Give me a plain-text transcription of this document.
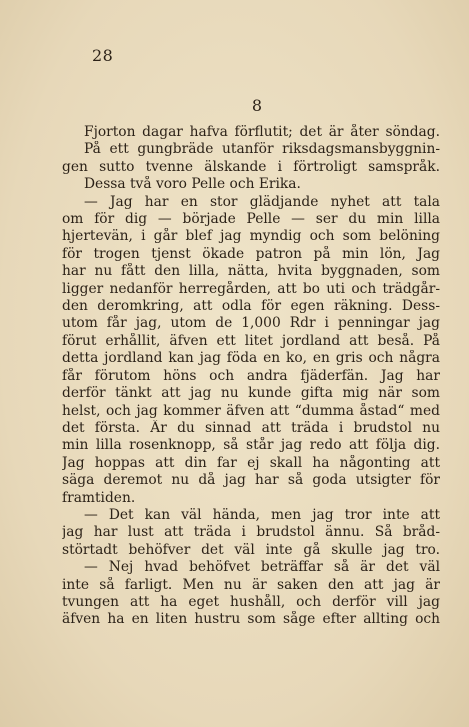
28
8
Fjorton dagar hafva förflutit; det är åter söndag.
På ett gungbräde utanför riksdagsmansbyggnin-
gen sutto tvenne älskande i förtroligt samspråk.
Dessa två voro Pelle och Erika.
— Jag har en stor glädjande nyhet att tala
om för dig — började Pelle — ser du min lilla
hjertevän, i går blef jag myndig och som belöning
för trogen tjenst ökade patron på min lön, Jag
har nu fått den lilla, nätta, hvita byggnaden, som
ligger nedanför herregården, att bo uti och trädgår-
den deromkring, att odla för egen räkning. Dess-
utom får jag, utom de 1,000 Rdr i penningar jag
förut erhållit, äfven ett litet jordland att beså. På
detta jordland kan jag föda en ko, en gris och några
får förutom höns och andra fjäderfän. Jag har
derför tänkt att jag nu kunde gifta mig när som
helst, och jag kommer äfven att “dumma åstad“ med
det första. Är du sinnad att träda i brudstol nu
min lilla rosenknopp, så står jag redo att följa dig.
Jag hoppas att din far ej skall ha någonting att
säga deremot nu då jag har så goda utsigter för
framtiden.
— Det kan väl hända, men jag tror inte att
jag har lust att träda i brudstol ännu. Så bråd-
störtadt behöfver det väl inte gå skulle jag tro.
— Nej hvad behöfvet beträffar så är det väl
inte så farligt. Men nu är saken den att jag är
tvungen att ha eget hushåll, och derför vill jag
äfven ha en liten hustru som såge efter allting och
